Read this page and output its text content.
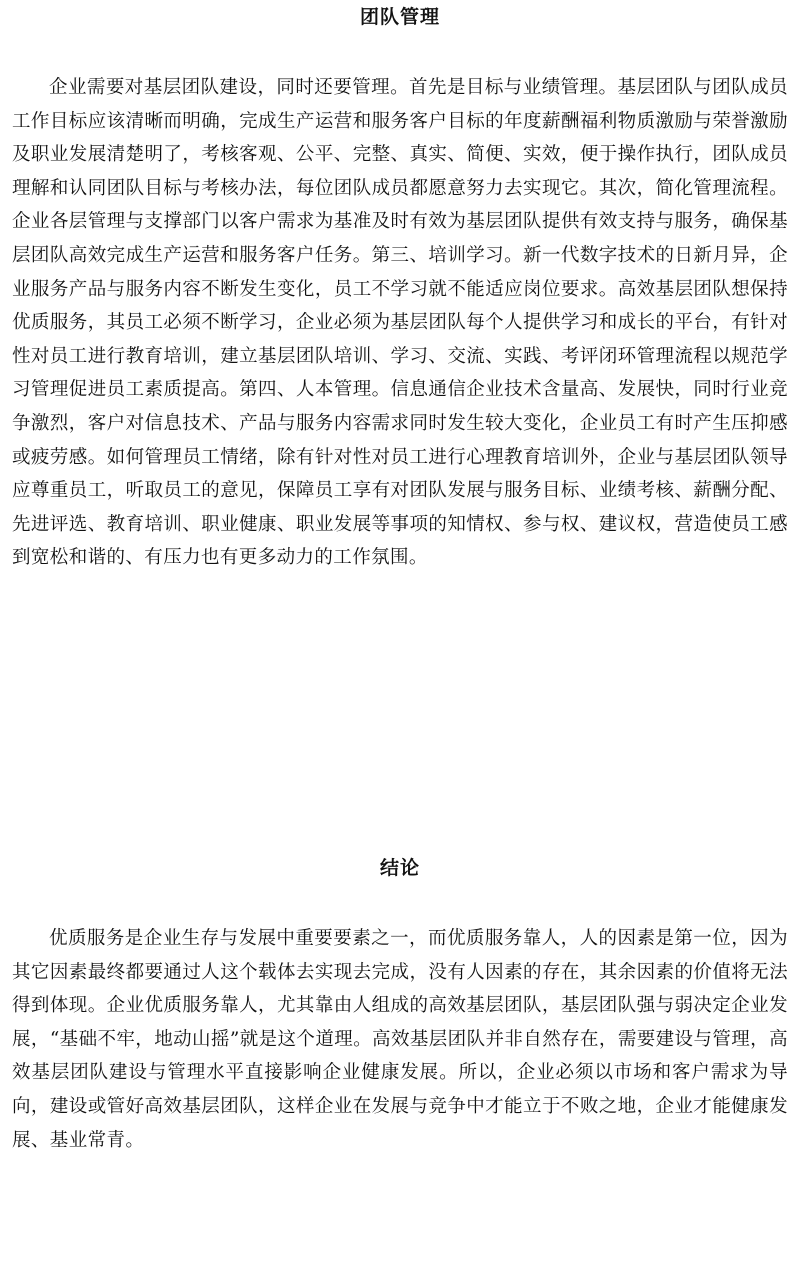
团队管理

企业需要对基层团队建设，同时还要管理。首先是目标与业绩管理。基层团队与团队成员工作目标应该清晰而明确，完成生产运营和服务客户目标的年度薪酬福利物质激励与荣誉激励及职业发展清楚明了，考核客观、公平、完整、真实、简便、实效，便于操作执行，团队成员理解和认同团队目标与考核办法，每位团队成员都愿意努力去实现它。其次，简化管理流程。企业各层管理与支撑部门以客户需求为基准及时有效为基层团队提供有效支持与服务，确保基层团队高效完成生产运营和服务客户任务。第三、培训学习。新一代数字技术的日新月异，企业服务产品与服务内容不断发生变化，员工不学习就不能适应岗位要求。高效基层团队想保持优质服务，其员工必须不断学习，企业必须为基层团队每个人提供学习和成长的平台，有针对性对员工进行教育培训，建立基层团队培训、学习、交流、实践、考评闭环管理流程以规范学习管理促进员工素质提高。第四、人本管理。信息通信企业技术含量高、发展快，同时行业竞争激烈，客户对信息技术、产品与服务内容需求同时发生较大变化，企业员工有时产生压抑感或疲劳感。如何管理员工情绪，除有针对性对员工进行心理教育培训外，企业与基层团队领导应尊重员工，听取员工的意见，保障员工享有对团队发展与服务目标、业绩考核、薪酬分配、先进评选、教育培训、职业健康、职业发展等事项的知情权、参与权、建议权，营造使员工感到宽松和谐的、有压力也有更多动力的工作氛围。

结论

优质服务是企业生存与发展中重要要素之一，而优质服务靠人，人的因素是第一位，因为其它因素最终都要通过人这个载体去实现去完成，没有人因素的存在，其余因素的价值将无法得到体现。企业优质服务靠人，尤其靠由人组成的高效基层团队，基层团队强与弱决定企业发展，“基础不牢，地动山摇”就是这个道理。高效基层团队并非自然存在，需要建设与管理，高效基层团队建设与管理水平直接影响企业健康发展。所以，企业必须以市场和客户需求为导向，建设或管好高效基层团队，这样企业在发展与竞争中才能立于不败之地，企业才能健康发展、基业常青。
